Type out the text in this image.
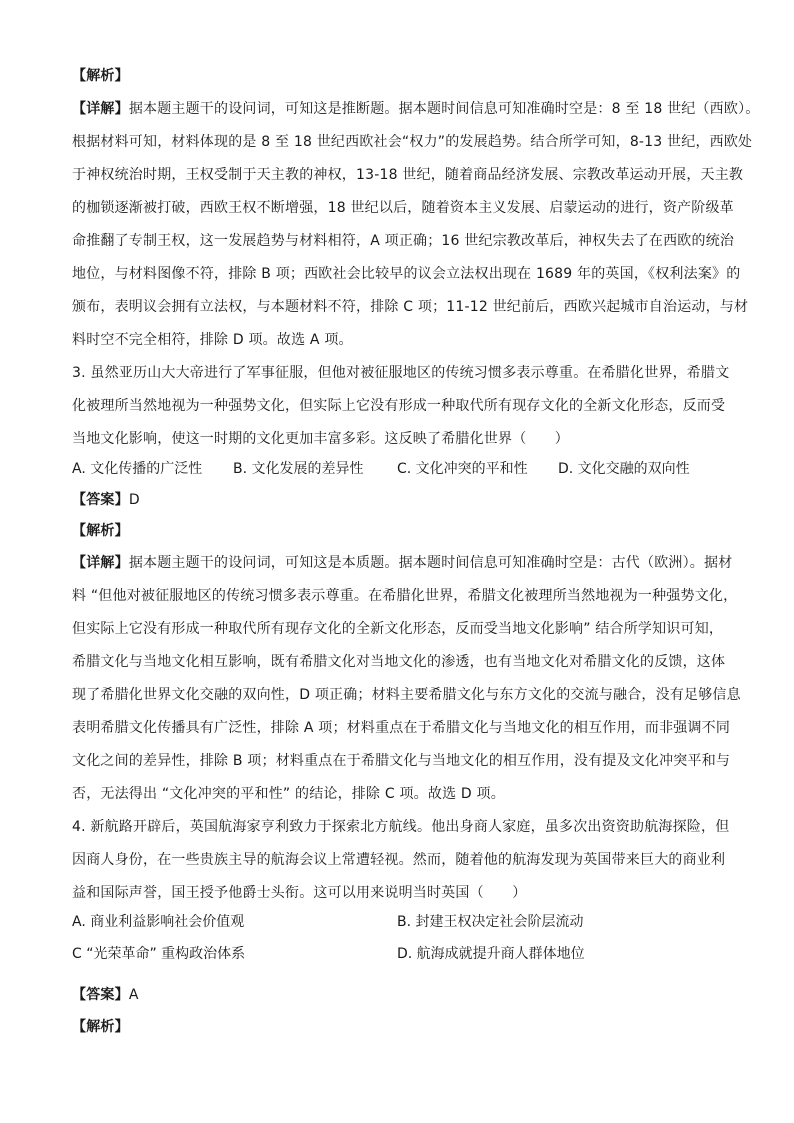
【解析】
【详解】据本题主题干的设问词，可知这是推断题。据本题时间信息可知准确时空是：8 至 18 世纪（西欧）。
根据材料可知，材料体现的是 8 至 18 世纪西欧社会“权力”的发展趋势。结合所学可知，8-13 世纪，西欧处
于神权统治时期，王权受制于天主教的神权，13-18 世纪，随着商品经济发展、宗教改革运动开展，天主教
的枷锁逐渐被打破，西欧王权不断增强，18 世纪以后，随着资本主义发展、启蒙运动的进行，资产阶级革
命推翻了专制王权，这一发展趋势与材料相符，A 项正确；16 世纪宗教改革后，神权失去了在西欧的统治
地位，与材料图像不符，排除 B 项；西欧社会比较早的议会立法权出现在 1689 年的英国，《权利法案》的
颁布，表明议会拥有立法权，与本题材料不符，排除 C 项；11-12 世纪前后，西欧兴起城市自治运动，与材
料时空不完全相符，排除 D 项。故选 A 项。
3. 虽然亚历山大大帝进行了军事征服，但他对被征服地区的传统习惯多表示尊重。在希腊化世界，希腊文
化被理所当然地视为一种强势文化，但实际上它没有形成一种取代所有现存文化的全新文化形态，反而受
当地文化影响，使这一时期的文化更加丰富多彩。这反映了希腊化世界（　　）
A. 文化传播的广泛性 B. 文化发展的差异性 C. 文化冲突的平和性 D. 文化交融的双向性
【答案】D
【解析】
【详解】据本题主题干的设问词，可知这是本质题。据本题时间信息可知准确时空是：古代（欧洲）。据材
料 “但他对被征服地区的传统习惯多表示尊重。在希腊化世界，希腊文化被理所当然地视为一种强势文化，
但实际上它没有形成一种取代所有现存文化的全新文化形态，反而受当地文化影响” 结合所学知识可知，
希腊文化与当地文化相互影响，既有希腊文化对当地文化的渗透，也有当地文化对希腊文化的反馈，这体
现了希腊化世界文化交融的双向性，D 项正确；材料主要希腊文化与东方文化的交流与融合，没有足够信息
表明希腊文化传播具有广泛性，排除 A 项；材料重点在于希腊文化与当地文化的相互作用，而非强调不同
文化之间的差异性，排除 B 项；材料重点在于希腊文化与当地文化的相互作用，没有提及文化冲突平和与
否，无法得出 “文化冲突的平和性” 的结论，排除 C 项。故选 D 项。
4. 新航路开辟后，英国航海家亨利致力于探索北方航线。他出身商人家庭，虽多次出资资助航海探险，但
因商人身份，在一些贵族主导的航海会议上常遭轻视。然而，随着他的航海发现为英国带来巨大的商业利
益和国际声誉，国王授予他爵士头衔。这可以用来说明当时英国（　　）
A. 商业利益影响社会价值观	B. 封建王权决定社会阶层流动
C “光荣革命” 重构政治体系	D. 航海成就提升商人群体地位
【答案】A
【解析】
